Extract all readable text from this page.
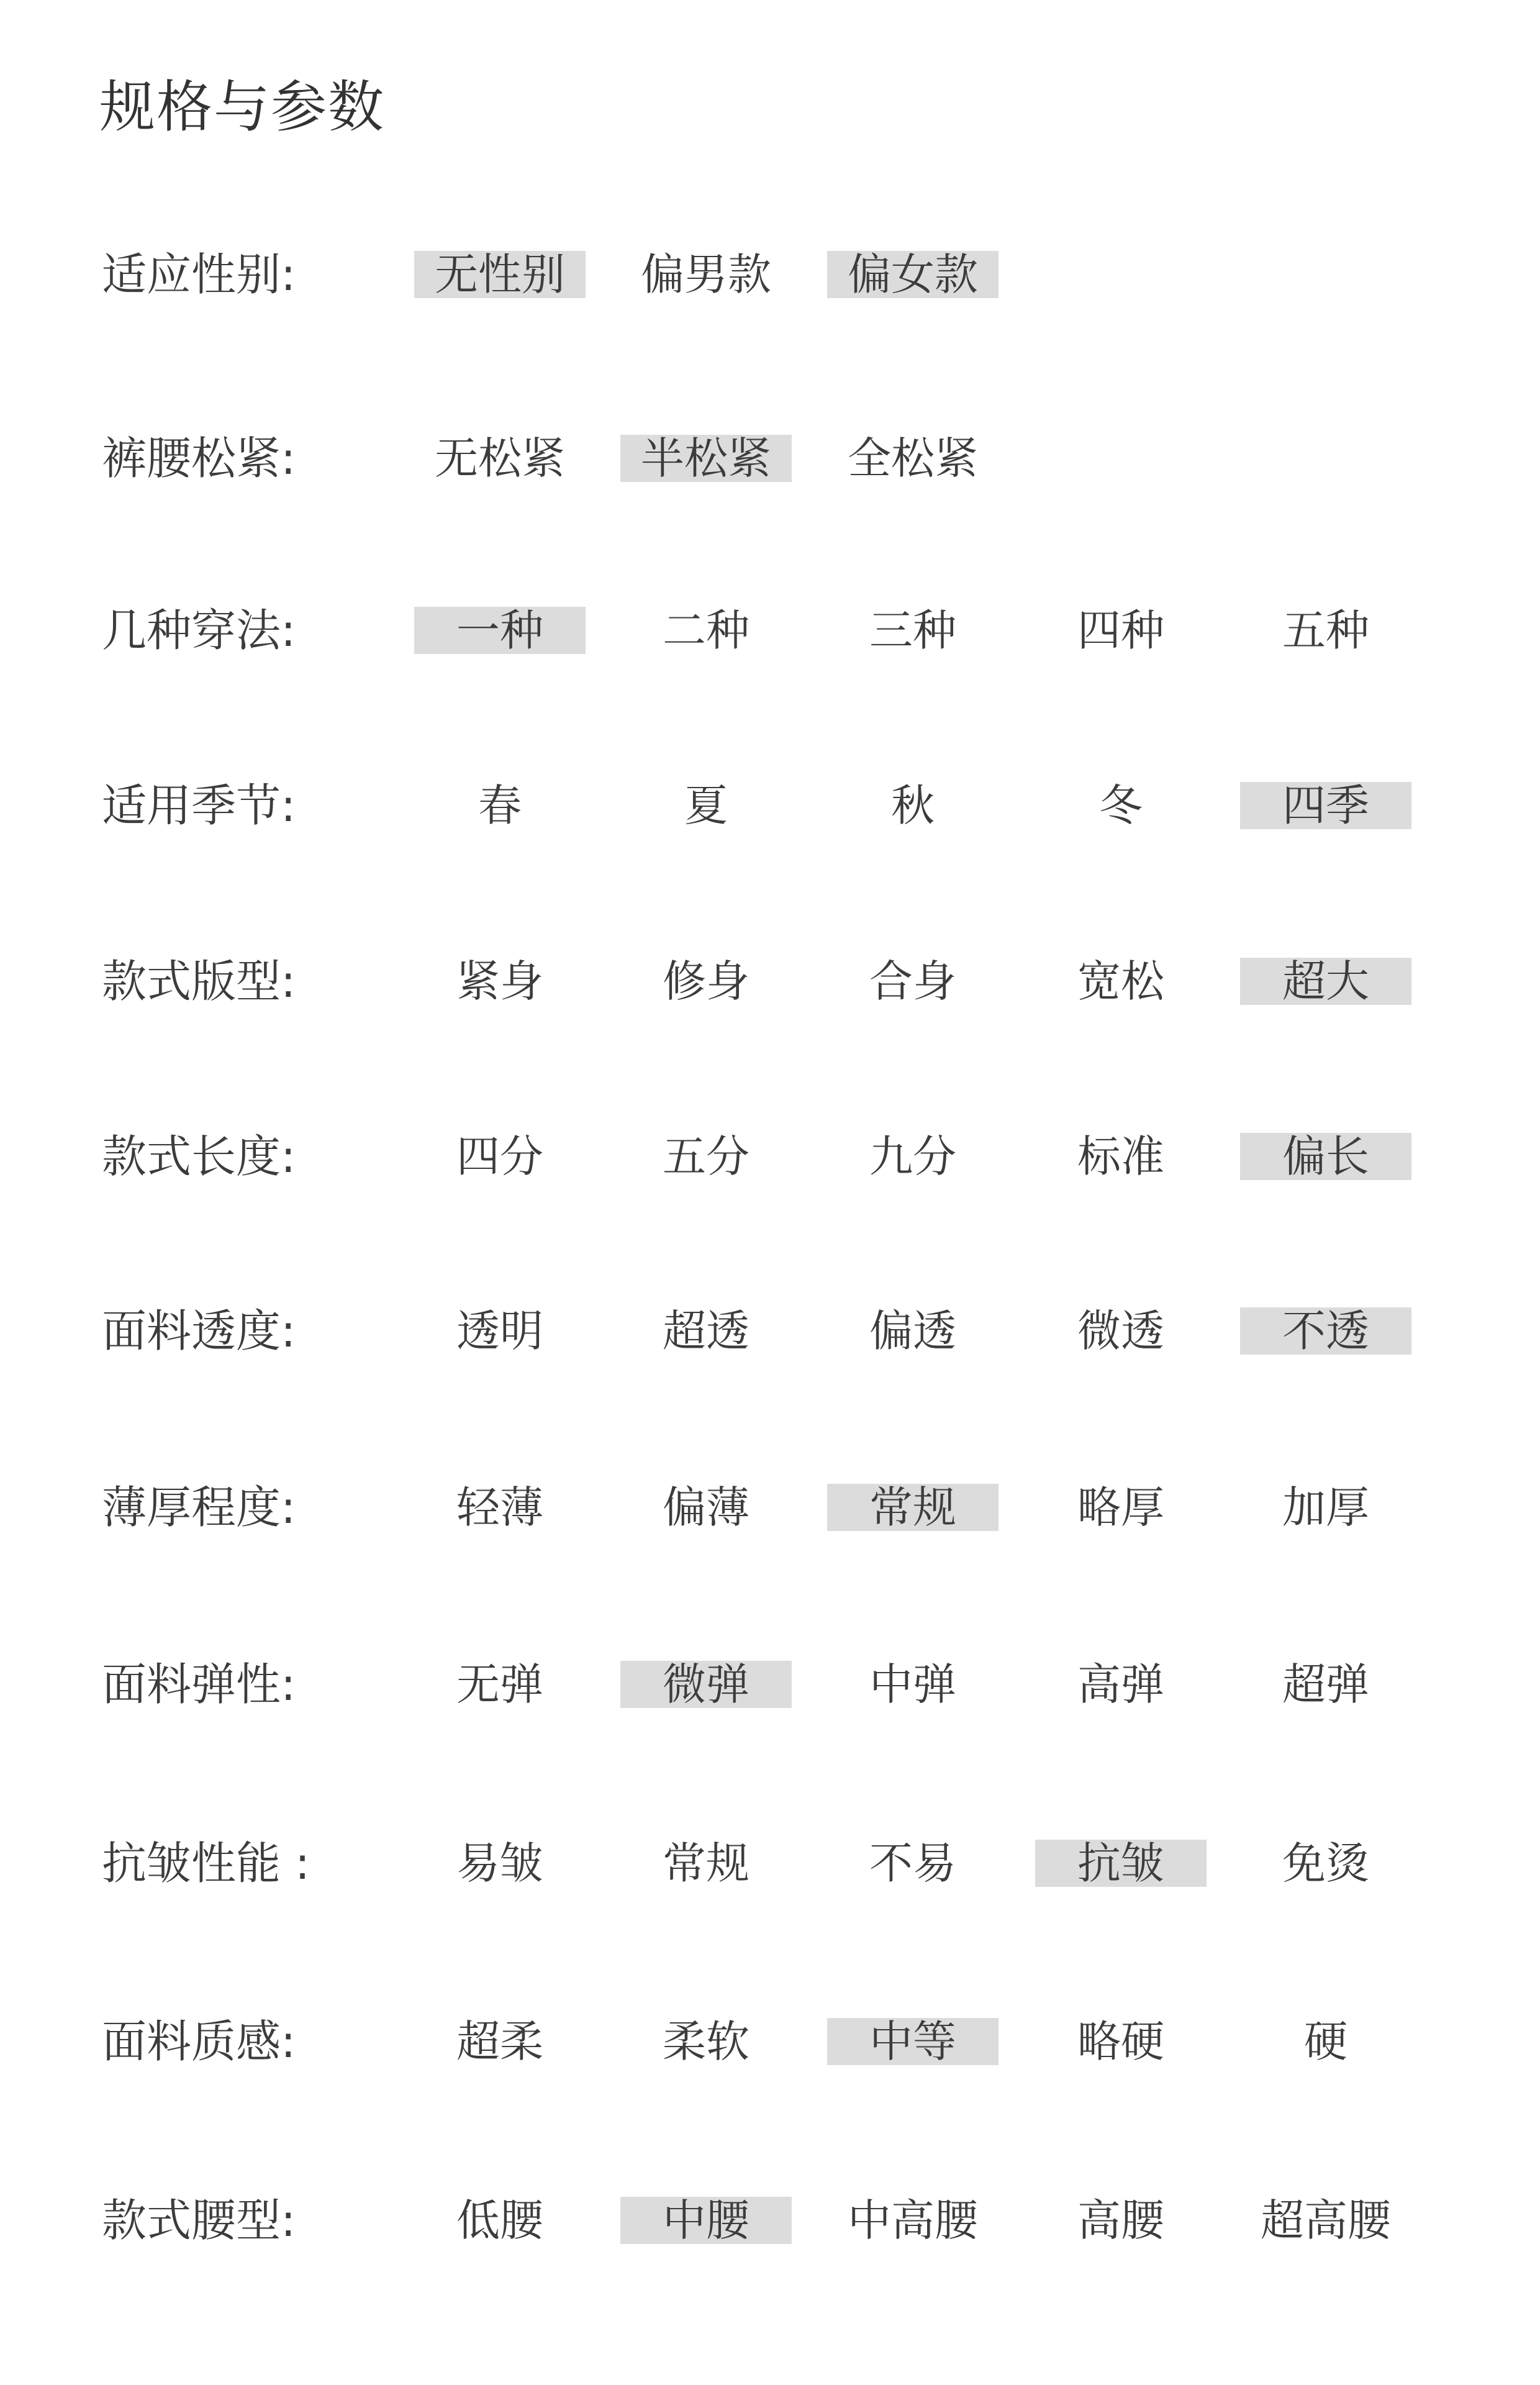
规格与参数
适应性别:	无性别	偏男款	偏女款
裤腰松紧:	无松紧	半松紧	全松紧
几种穿法:	一种	二种	三种	四种	五种
适用季节:	春	夏	秋	冬	四季
款式版型:	紧身	修身	合身	宽松	超大
款式长度:	四分	五分	九分	标准	偏长
面料透度:	透明	超透	偏透	微透	不透
薄厚程度:	轻薄	偏薄	常规	略厚	加厚
面料弹性:	无弹	微弹	中弹	高弹	超弹
抗皱性能 :	易皱	常规	不易	抗皱	免烫
面料质感:	超柔	柔软	中等	略硬	硬
款式腰型:	低腰	中腰	中高腰	高腰	超高腰
